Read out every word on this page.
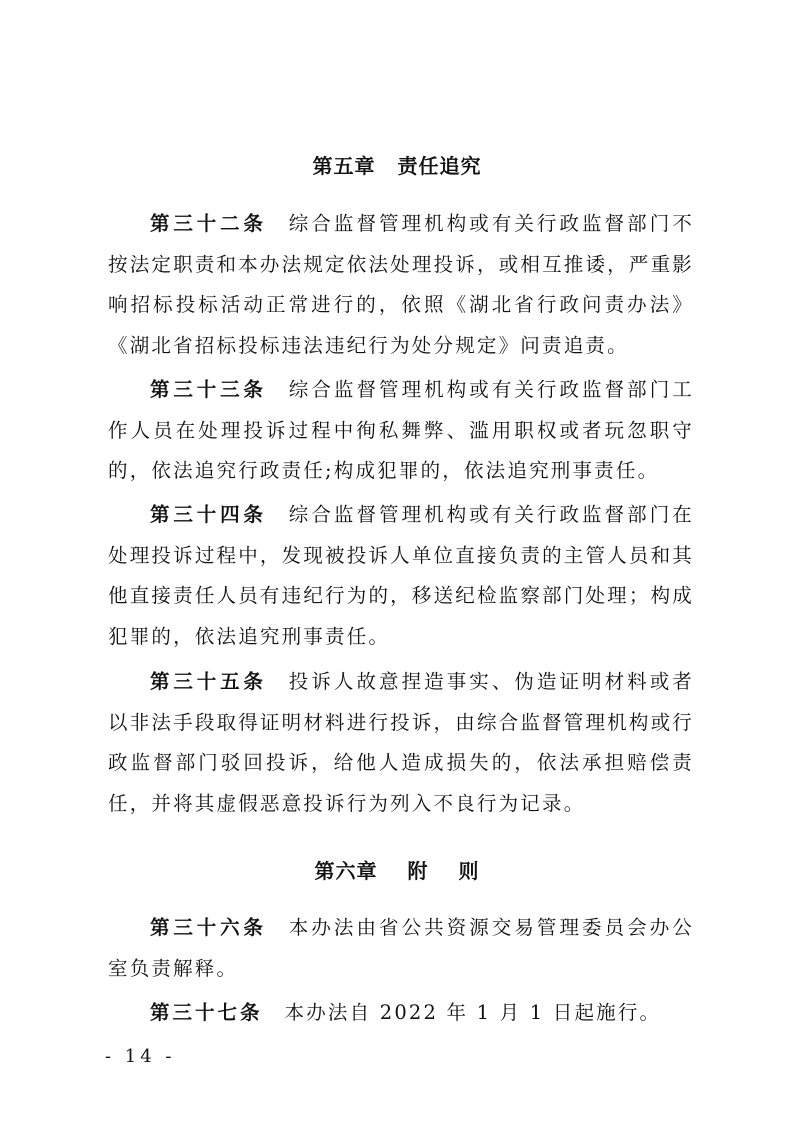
第五章 责任追究
第三十二条 综合监督管理机构或有关行政监督部门不按法定职责和本办法规定依法处理投诉，或相互推诿，严重影响招标投标活动正常进行的，依照《湖北省行政问责办法》《湖北省招标投标违法违纪行为处分规定》问责追责。
第三十三条 综合监督管理机构或有关行政监督部门工作人员在处理投诉过程中徇私舞弊、滥用职权或者玩忽职守的，依法追究行政责任;构成犯罪的，依法追究刑事责任。
第三十四条 综合监督管理机构或有关行政监督部门在处理投诉过程中，发现被投诉人单位直接负责的主管人员和其他直接责任人员有违纪行为的，移送纪检监察部门处理；构成犯罪的，依法追究刑事责任。
第三十五条 投诉人故意捏造事实、伪造证明材料或者以非法手段取得证明材料进行投诉，由综合监督管理机构或行政监督部门驳回投诉，给他人造成损失的，依法承担赔偿责任，并将其虚假恶意投诉行为列入不良行为记录。
第六章 附 则
第三十六条 本办法由省公共资源交易管理委员会办公室负责解释。
第三十七条 本办法自 2022 年 1 月 1 日起施行。
- 14 -
